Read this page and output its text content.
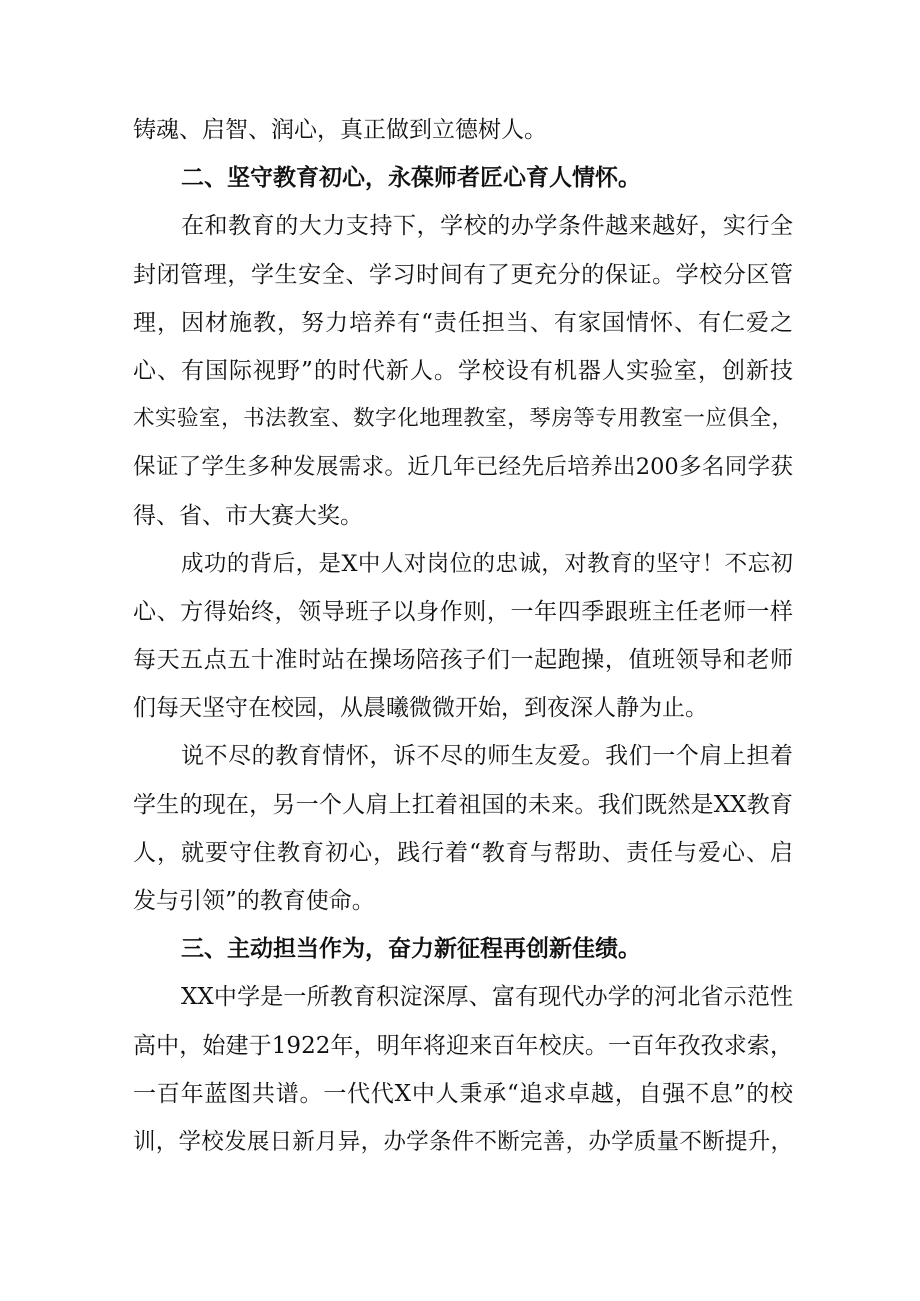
铸魂、启智、润心，真正做到立德树人。
二、坚守教育初心，永葆师者匠心育人情怀。
在和教育的大力支持下，学校的办学条件越来越好，实行全
封闭管理，学生安全、学习时间有了更充分的保证。学校分区管
理，因材施教，努力培养有“责任担当、有家国情怀、有仁爱之
心、有国际视野”的时代新人。学校设有机器人实验室，创新技
术实验室，书法教室、数字化地理教室，琴房等专用教室一应俱全，
保证了学生多种发展需求。近几年已经先后培养出200多名同学获
得、省、市大赛大奖。
成功的背后，是X中人对岗位的忠诚，对教育的坚守！不忘初
心、方得始终，领导班子以身作则，一年四季跟班主任老师一样
每天五点五十准时站在操场陪孩子们一起跑操，值班领导和老师
们每天坚守在校园，从晨曦微微开始，到夜深人静为止。
说不尽的教育情怀，诉不尽的师生友爱。我们一个肩上担着
学生的现在，另一个人肩上扛着祖国的未来。我们既然是XX教育
人，就要守住教育初心，践行着“教育与帮助、责任与爱心、启
发与引领”的教育使命。
三、主动担当作为，奋力新征程再创新佳绩。
XX中学是一所教育积淀深厚、富有现代办学的河北省示范性
高中，始建于1922年，明年将迎来百年校庆。一百年孜孜求索，
一百年蓝图共谱。一代代X中人秉承“追求卓越，自强不息”的校
训，学校发展日新月异，办学条件不断完善，办学质量不断提升，
